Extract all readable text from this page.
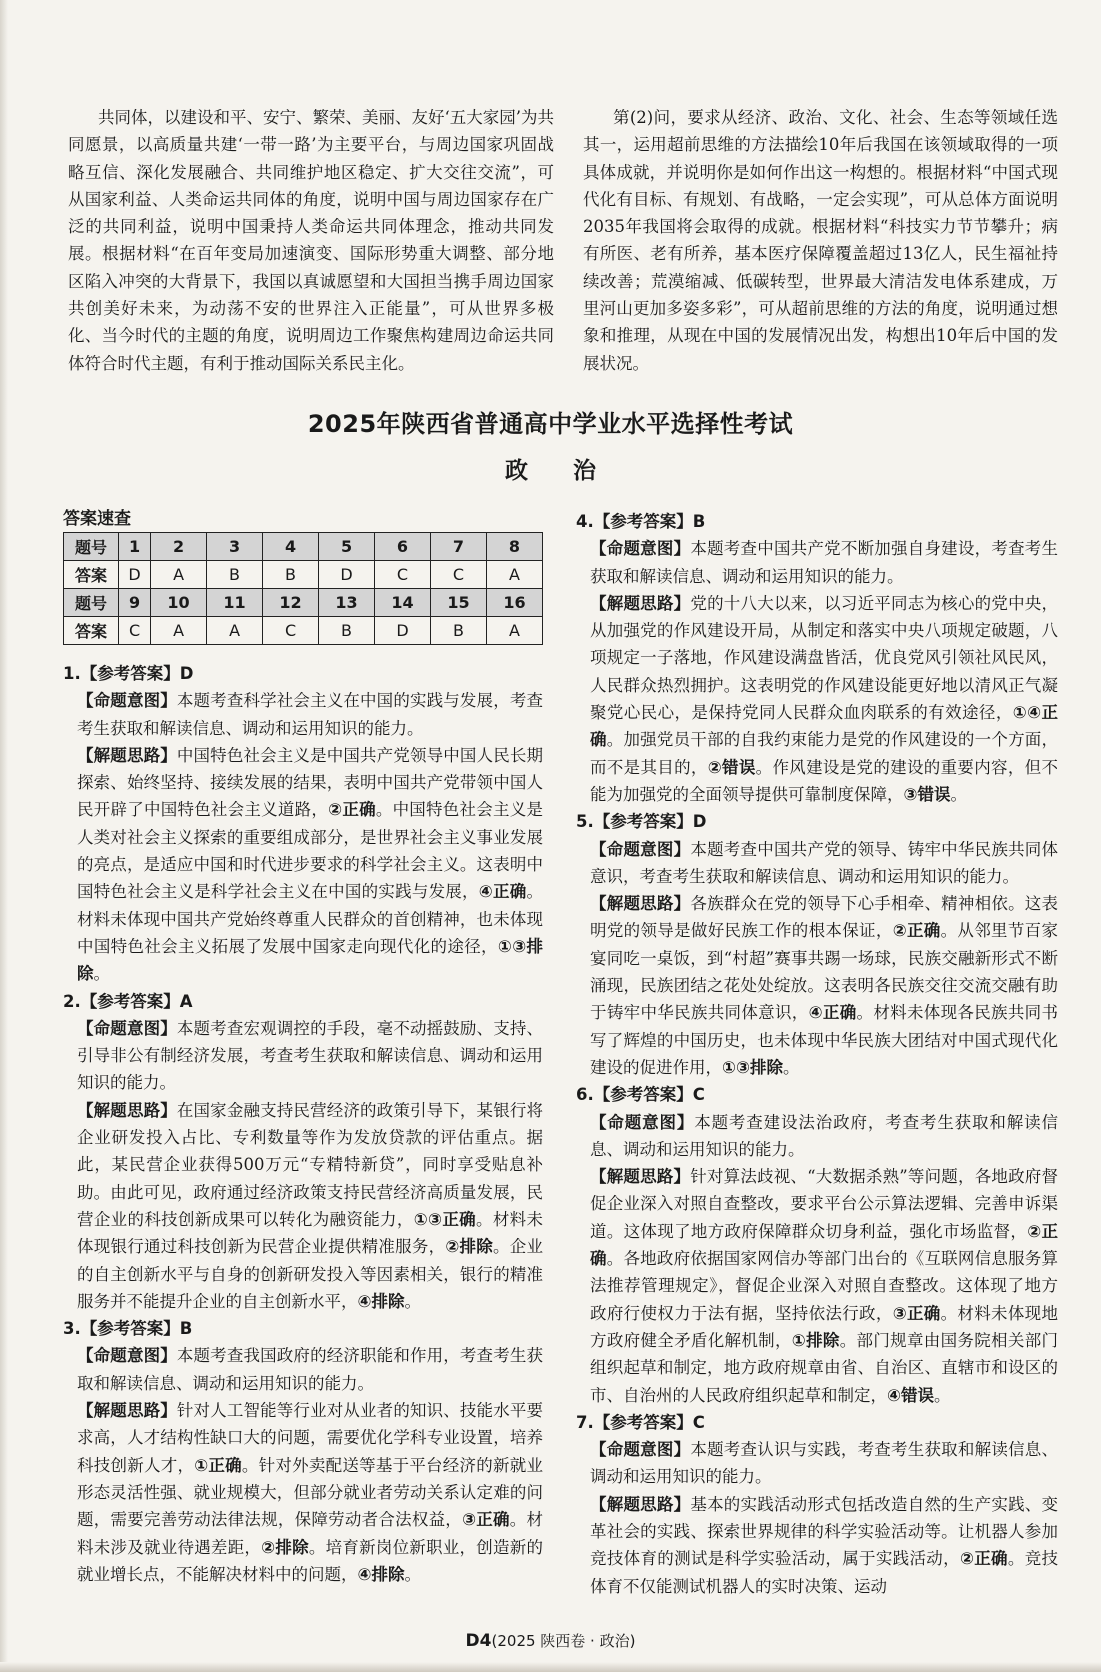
共同体，以建设和平、安宁、繁荣、美丽、友好‘五大家园’为共同愿景，以高质量共建‘一带一路’为主要平台，与周边国家巩固战略互信、深化发展融合、共同维护地区稳定、扩大交往交流”，可从国家利益、人类命运共同体的角度，说明中国与周边国家存在广泛的共同利益，说明中国秉持人类命运共同体理念，推动共同发展。根据材料“在百年变局加速演变、国际形势重大调整、部分地区陷入冲突的大背景下，我国以真诚愿望和大国担当携手周边国家共创美好未来，为动荡不安的世界注入正能量”，可从世界多极化、当今时代的主题的角度，说明周边工作聚焦构建周边命运共同体符合时代主题，有利于推动国际关系民主化。
第(2)问，要求从经济、政治、文化、社会、生态等领域任选其一，运用超前思维的方法描绘10年后我国在该领域取得的一项具体成就，并说明你是如何作出这一构想的。根据材料“中国式现代化有目标、有规划、有战略，一定会实现”，可从总体方面说明2035年我国将会取得的成就。根据材料“科技实力节节攀升；病有所医、老有所养，基本医疗保障覆盖超过13亿人，民生福祉持续改善；荒漠缩减、低碳转型，世界最大清洁发电体系建成，万里河山更加多姿多彩”，可从超前思维的方法的角度，说明通过想象和推理，从现在中国的发展情况出发，构想出10年后中国的发展状况。
2025年陕西省普通高中学业水平选择性考试
政治
答案速查
题号	1	2	3	4	5	6	7	8
答案	D	A	B	B	D	C	C	A
题号	9	10	11	12	13	14	15	16
答案	C	A	A	C	B	D	B	A

1.【参考答案】D

【命题意图】本题考查科学社会主义在中国的实践与发展，考查考生获取和解读信息、调动和运用知识的能力。

【解题思路】中国特色社会主义是中国共产党领导中国人民长期探索、始终坚持、接续发展的结果，表明中国共产党带领中国人民开辟了中国特色社会主义道路，②正确。中国特色社会主义是人类对社会主义探索的重要组成部分，是世界社会主义事业发展的亮点，是适应中国和时代进步要求的科学社会主义。这表明中国特色社会主义是科学社会主义在中国的实践与发展，④正确。材料未体现中国共产党始终尊重人民群众的首创精神，也未体现中国特色社会主义拓展了发展中国家走向现代化的途径，①③排除。

2.【参考答案】A

【命题意图】本题考查宏观调控的手段，毫不动摇鼓励、支持、引导非公有制经济发展，考查考生获取和解读信息、调动和运用知识的能力。

【解题思路】在国家金融支持民营经济的政策引导下，某银行将企业研发投入占比、专利数量等作为发放贷款的评估重点。据此，某民营企业获得500万元“专精特新贷”，同时享受贴息补助。由此可见，政府通过经济政策支持民营经济高质量发展，民营企业的科技创新成果可以转化为融资能力，①③正确。材料未体现银行通过科技创新为民营企业提供精准服务，②排除。企业的自主创新水平与自身的创新研发投入等因素相关，银行的精准服务并不能提升企业的自主创新水平，④排除。

3.【参考答案】B

【命题意图】本题考查我国政府的经济职能和作用，考查考生获取和解读信息、调动和运用知识的能力。

【解题思路】针对人工智能等行业对从业者的知识、技能水平要求高，人才结构性缺口大的问题，需要优化学科专业设置，培养科技创新人才，①正确。针对外卖配送等基于平台经济的新就业形态灵活性强、就业规模大，但部分就业者劳动关系认定难的问题，需要完善劳动法律法规，保障劳动者合法权益，③正确。材料未涉及就业待遇差距，②排除。培育新岗位新职业，创造新的就业增长点，不能解决材料中的问题，④排除。

4.【参考答案】B

【命题意图】本题考查中国共产党不断加强自身建设，考查考生获取和解读信息、调动和运用知识的能力。

【解题思路】党的十八大以来，以习近平同志为核心的党中央，从加强党的作风建设开局，从制定和落实中央八项规定破题，八项规定一子落地，作风建设满盘皆活，优良党风引领社风民风，人民群众热烈拥护。这表明党的作风建设能更好地以清风正气凝聚党心民心，是保持党同人民群众血肉联系的有效途径，①④正确。加强党员干部的自我约束能力是党的作风建设的一个方面，而不是其目的，②错误。作风建设是党的建设的重要内容，但不能为加强党的全面领导提供可靠制度保障，③错误。

5.【参考答案】D

【命题意图】本题考查中国共产党的领导、铸牢中华民族共同体意识，考查考生获取和解读信息、调动和运用知识的能力。

【解题思路】各族群众在党的领导下心手相牵、精神相依。这表明党的领导是做好民族工作的根本保证，②正确。从邻里节百家宴同吃一桌饭，到“村超”赛事共踢一场球，民族交融新形式不断涌现，民族团结之花处处绽放。这表明各民族交往交流交融有助于铸牢中华民族共同体意识，④正确。材料未体现各民族共同书写了辉煌的中国历史，也未体现中华民族大团结对中国式现代化建设的促进作用，①③排除。

6.【参考答案】C

【命题意图】本题考查建设法治政府，考查考生获取和解读信息、调动和运用知识的能力。

【解题思路】针对算法歧视、“大数据杀熟”等问题，各地政府督促企业深入对照自查整改，要求平台公示算法逻辑、完善申诉渠道。这体现了地方政府保障群众切身利益，强化市场监督，②正确。各地政府依据国家网信办等部门出台的《互联网信息服务算法推荐管理规定》，督促企业深入对照自查整改。这体现了地方政府行使权力于法有据，坚持依法行政，③正确。材料未体现地方政府健全矛盾化解机制，①排除。部门规章由国务院相关部门组织起草和制定，地方政府规章由省、自治区、直辖市和设区的市、自治州的人民政府组织起草和制定，④错误。

7.【参考答案】C

【命题意图】本题考查认识与实践，考查考生获取和解读信息、调动和运用知识的能力。

【解题思路】基本的实践活动形式包括改造自然的生产实践、变革社会的实践、探索世界规律的科学实验活动等。让机器人参加竞技体育的测试是科学实验活动，属于实践活动，②正确。竞技体育不仅能测试机器人的实时决策、运动

D4(2025 陕西卷 · 政治)
